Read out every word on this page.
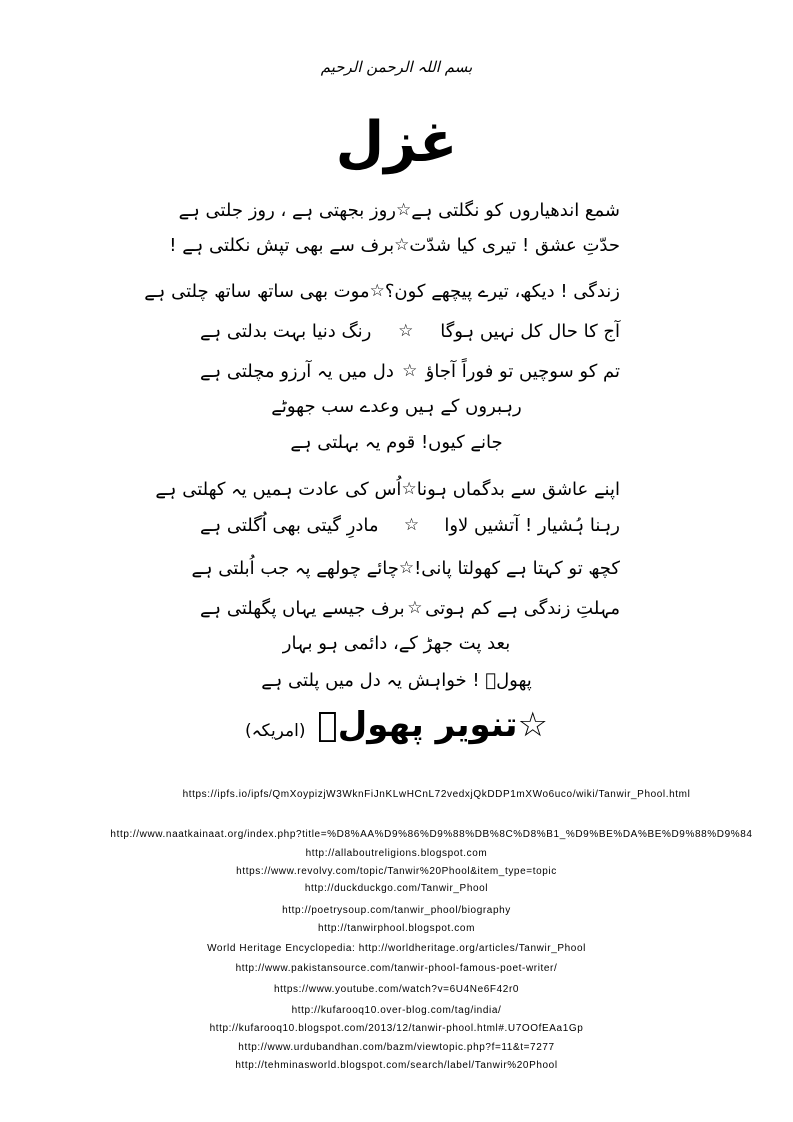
بسم اللہ الرحمن الرحیم
غزل
شمع اندھیاروں کو نگلتی ہے
☆
روز بجھتی ہے ، روز جلتی ہے
حدّتِ عشق ! تیری کیا شدّت
☆
برف سے بھی تپش نکلتی ہے !
زندگی ! دیکھ، تیرے پیچھے کون؟
☆
موت بھی ساتھ ساتھ چلتی ہے
آج کا حال کل نہیں ہوگا
☆
رنگ دنیا بہت بدلتی ہے
تم کو سوچیں تو فوراً آجاؤ
☆
دل میں یہ آرزو مچلتی ہے
رہبروں کے ہیں وعدے سب جھوٹے
جانے کیوں! قوم یہ بہلتی ہے
اپنے عاشق سے بدگماں ہونا
☆
اُس کی عادت ہمیں یہ کھلتی ہے
رہنا ہُشیار ! آتشیں لاوا
☆
مادرِ گیتی بھی اُگلتی ہے
کچھ تو کہتا ہے کھولتا پانی!
☆
چائے چولھے پہ جب اُبلتی ہے
مہلتِ زندگی ہے کم ہوتی
☆
برف جیسے یہاں پگھلتی ہے
بعد پت جھڑ کے، دائمی ہو بہار
پھولؔ ! خواہش یہ دل میں پلتی ہے
☆تنویر پھولؔ (امریکہ)
https://ipfs.io/ipfs/QmXoypizjW3WknFiJnKLwHCnL72vedxjQkDDP1mXWo6uco/wiki/Tanwir_Phool.html
http://www.naatkainaat.org/index.php?title=%D8%AA%D9%86%D9%88%DB%8C%D8%B1_%D9%BE%DA%BE%D9%88%D9%84
http://allaboutreligions.blogspot.com
https://www.revolvy.com/topic/Tanwir%20Phool&item_type=topic
http://duckduckgo.com/Tanwir_Phool
http://poetrysoup.com/tanwir_phool/biography
http://tanwirphool.blogspot.com
World Heritage Encyclopedia: http://worldheritage.org/articles/Tanwir_Phool
http://www.pakistansource.com/tanwir-phool-famous-poet-writer/
https://www.youtube.com/watch?v=6U4Ne6F42r0
http://kufarooq10.over-blog.com/tag/india/
http://kufarooq10.blogspot.com/2013/12/tanwir-phool.html#.U7OOfEAa1Gp
http://www.urdubandhan.com/bazm/viewtopic.php?f=11&t=7277
http://tehminasworld.blogspot.com/search/label/Tanwir%20Phool
